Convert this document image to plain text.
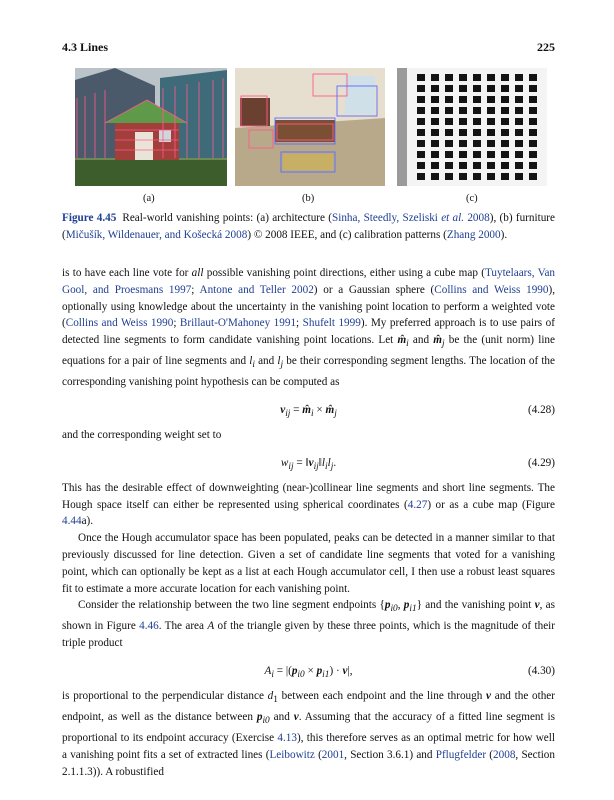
4.3 Lines	225
(a)	(b)	(c)
Figure 4.45 Real-world vanishing points: (a) architecture (Sinha, Steedly, Szeliski et al. 2008), (b) furniture (Mičušík, Wildenauer, and Košecká 2008) © 2008 IEEE, and (c) calibration patterns (Zhang 2000).

is to have each line vote for all possible vanishing point directions, either using a cube map (Tuytelaars, Van Gool, and Proesmans 1997; Antone and Teller 2002) or a Gaussian sphere (Collins and Weiss 1990), optionally using knowledge about the uncertainty in the vanishing point location to perform a weighted vote (Collins and Weiss 1990; Brillaut-O'Mahoney 1991; Shufelt 1999). My preferred approach is to use pairs of detected line segments to form candidate vanishing point locations. Let $m̂_i$ and $m̂_j$ be the (unit norm) line equations for a pair of line segments and $l_i$ and $l_j$ be their corresponding segment lengths. The location of the corresponding vanishing point hypothesis can be computed as

$v_{ij}$ = $m̂_i$ × $m̂_j$	(4.28)

and the corresponding weight set to

$w_{ij}$ = $‖v_{ij}‖l_il_j$.	(4.29)

This has the desirable effect of downweighting (near-)collinear line segments and short line segments. The Hough space itself can either be represented using spherical coordinates (4.27) or as a cube map (Figure 4.44a).

Once the Hough accumulator space has been populated, peaks can be detected in a manner similar to that previously discussed for line detection. Given a set of candidate line segments that voted for a vanishing point, which can optionally be kept as a list at each Hough accumulator cell, I then use a robust least squares fit to estimate a more accurate location for each vanishing point.

Consider the relationship between the two line segment endpoints {$p_{i0}$, $p_{i1}$} and the vanishing point v, as shown in Figure 4.46. The area A of the triangle given by these three points, which is the magnitude of their triple product

$A_i = |(p_{i0} \times p_{i1}) \cdot v|$,	(4.30)

is proportional to the perpendicular distance $d_1$ between each endpoint and the line through v and the other endpoint, as well as the distance between $p_{i0}$ and v. Assuming that the accuracy of a fitted line segment is proportional to its endpoint accuracy (Exercise 4.13), this therefore serves as an optimal metric for how well a vanishing point fits a set of extracted lines (Leibowitz (2001, Section 3.6.1) and Pflugfelder (2008, Section 2.1.1.3)). A robustified
